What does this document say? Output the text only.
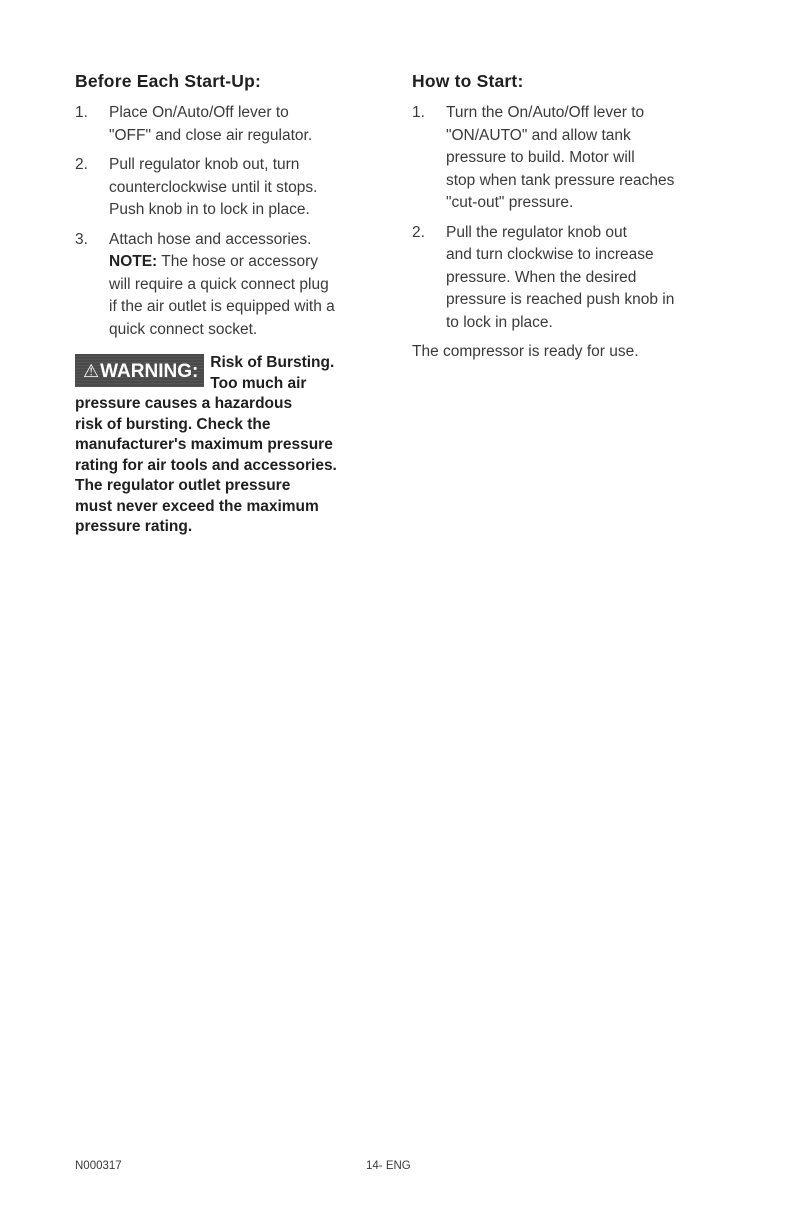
Before Each Start-Up:
1. Place On/Auto/Off lever to
"OFF" and close air regulator.
2. Pull regulator knob out, turn
counterclockwise until it stops.
Push knob in to lock in place.
3. Attach hose and accessories.
NOTE: The hose or accessory
will require a quick connect plug
if the air outlet is equipped with a
quick connect socket.
⚠WARNING: Risk of Bursting.
Too much air
pressure causes a hazardous
risk of bursting. Check the
manufacturer's maximum pressure
rating for air tools and accessories.
The regulator outlet pressure
must never exceed the maximum
pressure rating.
How to Start:
1. Turn the On/Auto/Off lever to
"ON/AUTO" and allow tank
pressure to build. Motor will
stop when tank pressure reaches
"cut-out" pressure.
2. Pull the regulator knob out
and turn clockwise to increase
pressure. When the desired
pressure is reached push knob in
to lock in place.

The compressor is ready for use.

N000317	14- ENG
